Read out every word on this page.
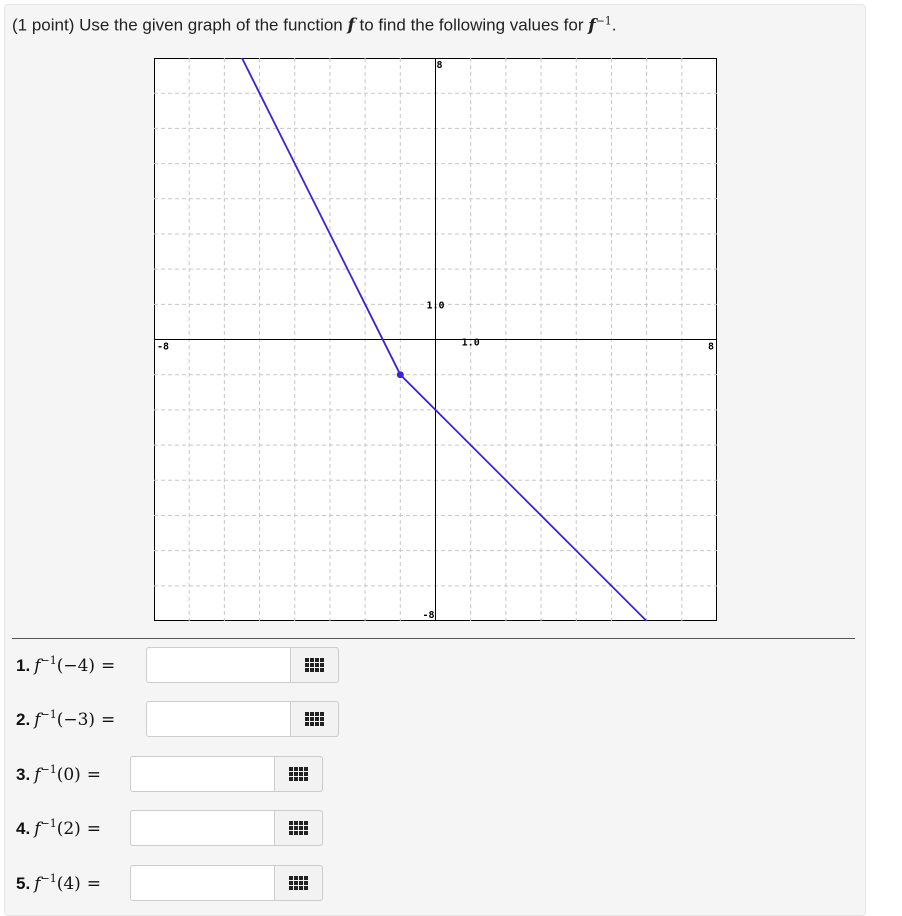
(1 point) Use the given graph of the function f to find the following values for $f^{-1}$.
-8	8
8
-8
1.0
1.0
1. $f^{-1}(-4)$ =
2. $f^{-1}(-3)$ =
3. $f^{-1}(0)$ =
4. $f^{-1}(2)$ =
5. $f^{-1}(4)$ =
